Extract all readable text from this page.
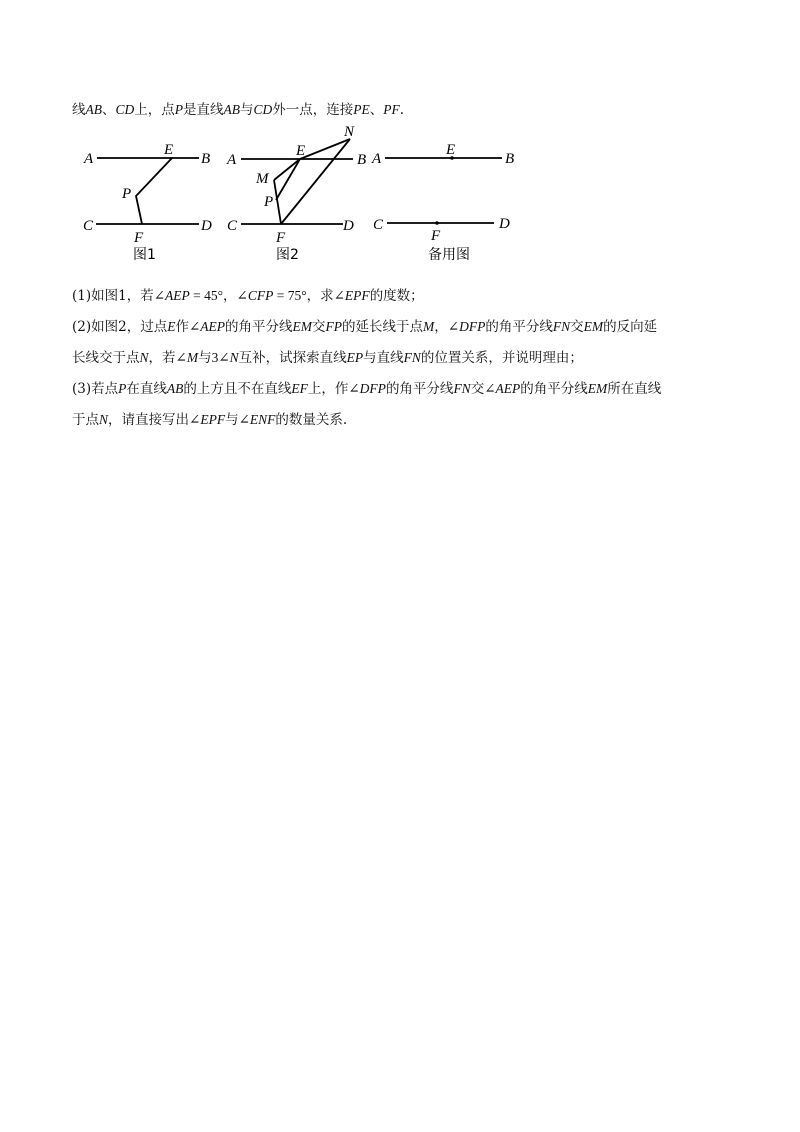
线AB、CD上，点P是直线AB与CD外一点，连接PE、PF.
A	B
E
P
C	D
F
图1
A	B
E
N
M
P
C	D
F
图2
A	B
E
C	D
F
备用图
(1)如图1，若∠AEP = 45°，∠CFP = 75°，求∠EPF的度数；
(2)如图2，过点E作∠AEP的角平分线EM交FP的延长线于点M，∠DFP的角平分线FN交EM的反向延
长线交于点N，若∠M与3∠N互补，试探索直线EP与直线FN的位置关系，并说明理由；
(3)若点P在直线AB的上方且不在直线EF上，作∠DFP的角平分线FN交∠AEP的角平分线EM所在直线
于点N，请直接写出∠EPF与∠ENF的数量关系.
